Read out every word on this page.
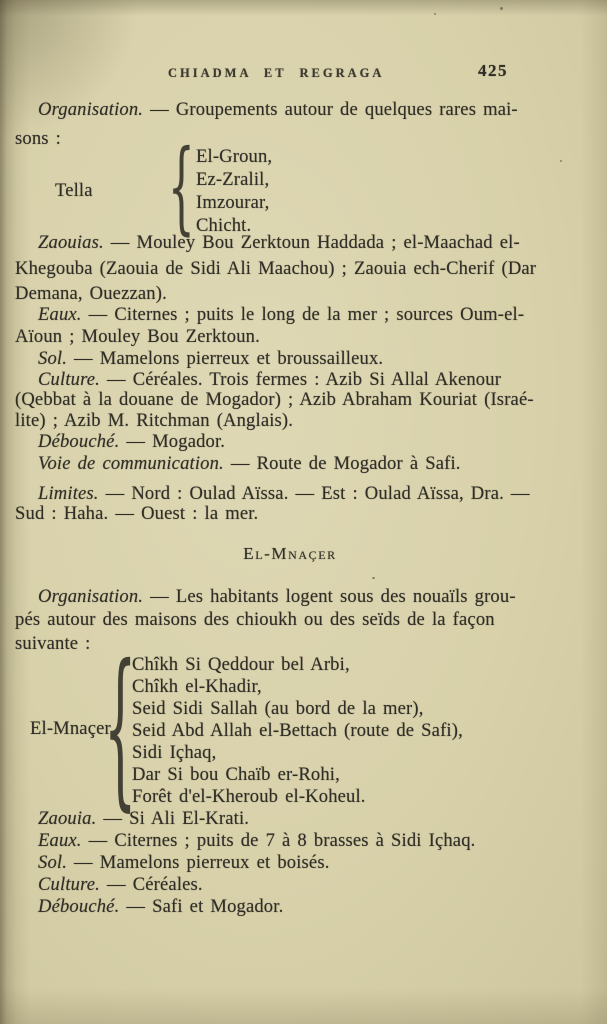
CHIADMA ET REGRAGA	425
Organisation. — Groupements autour de quelques rares mai-
sons : {
Tella
El-Groun,
Ez-Zralil,
Imzourar,
Chicht.
Zaouias. — Mouley Bou Zerktoun Haddada ; el-Maachad el-
Khegouba (Zaouia de Sidi Ali Maachou) ; Zaouia ech-Cherif (Dar
Demana, Ouezzan).
Eaux. — Citernes ; puits le long de la mer ; sources Oum-el-
Aïoun ; Mouley Bou Zerktoun.
Sol. — Mamelons pierreux et broussailleux.
Culture. — Céréales. Trois fermes : Azib Si Allal Akenour
(Qebbat à la douane de Mogador) ; Azib Abraham Kouriat (Israé-
lite) ; Azib M. Ritchman (Anglais).
Débouché. — Mogador.
Voie de communication. — Route de Mogador à Safi.
Limites. — Nord : Oulad Aïssa. — Est : Oulad Aïssa, Dra. —
Sud : Haha. — Ouest : la mer.
El-Mnaçer
Organisation. — Les habitants logent sous des nouaïls grou-
pés autour des maisons des chioukh ou des seïds de la façon
suivante : {
El-Mnaçer
Chîkh Si Qeddour bel Arbi,
Chîkh el-Khadir,
Seid Sidi Sallah (au bord de la mer),
Seid Abd Allah el-Bettach (route de Safi),
Sidi Içhaq,
Dar Si bou Chaïb er-Rohi,
Forêt d'el-Kheroub el-Koheul.
Zaouia. — Si Ali El-Krati.
Eaux. — Citernes ; puits de 7 à 8 brasses à Sidi Içhaq.
Sol. — Mamelons pierreux et boisés.
Culture. — Céréales.
Débouché. — Safi et Mogador.
